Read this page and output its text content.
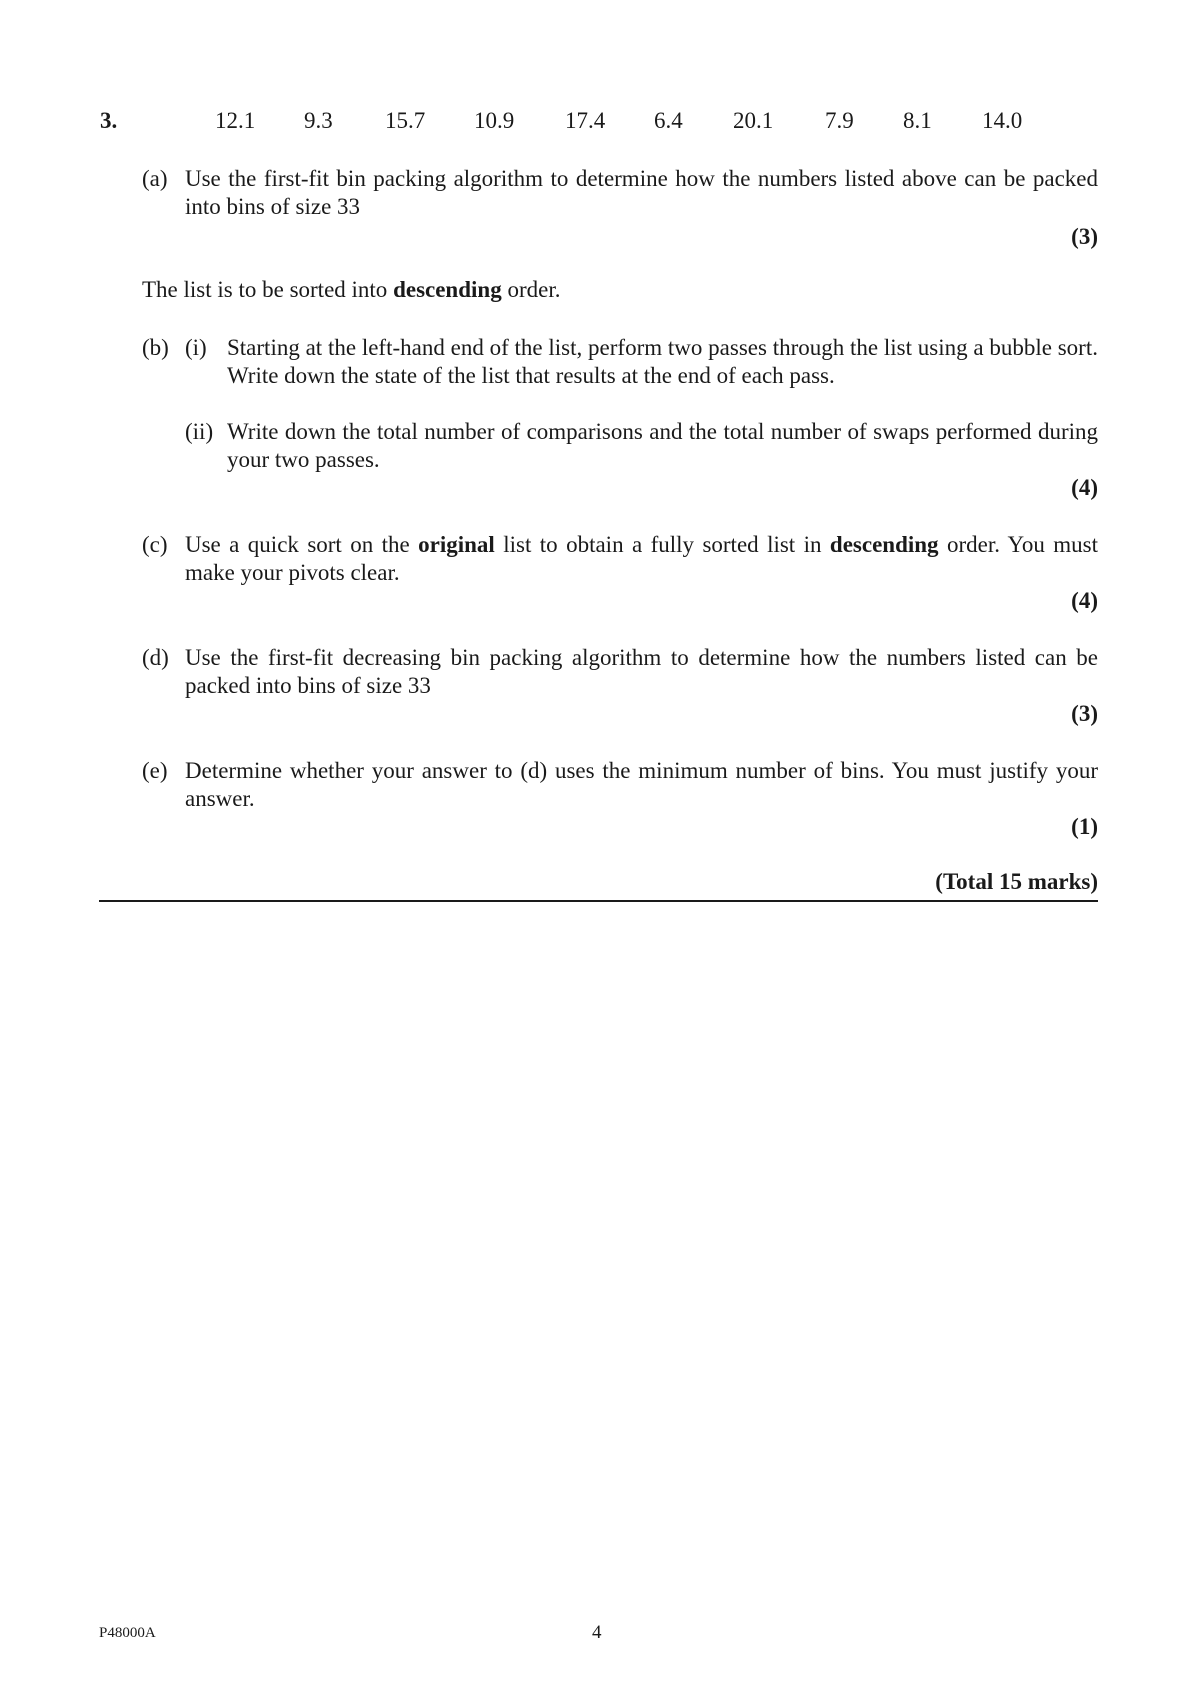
3.	12.1 9.3 15.7 10.9 17.4 6.4 20.1 7.9 8.1 14.0
(a) Use the first-fit bin packing algorithm to determine how the numbers listed above can be packed into bins of size 33
(3)
The list is to be sorted into descending order.
(b) (i) Starting at the left-hand end of the list, perform two passes through the list using a bubble sort. Write down the state of the list that results at the end of each pass.
(ii) Write down the total number of comparisons and the total number of swaps performed during your two passes.
(4)
(c) Use a quick sort on the original list to obtain a fully sorted list in descending order. You must make your pivots clear.
(4)
(d) Use the first-fit decreasing bin packing algorithm to determine how the numbers listed can be packed into bins of size 33
(3)
(e) Determine whether your answer to (d) uses the minimum number of bins. You must justify your answer.
(1)
(Total 15 marks)
P48000A	4
